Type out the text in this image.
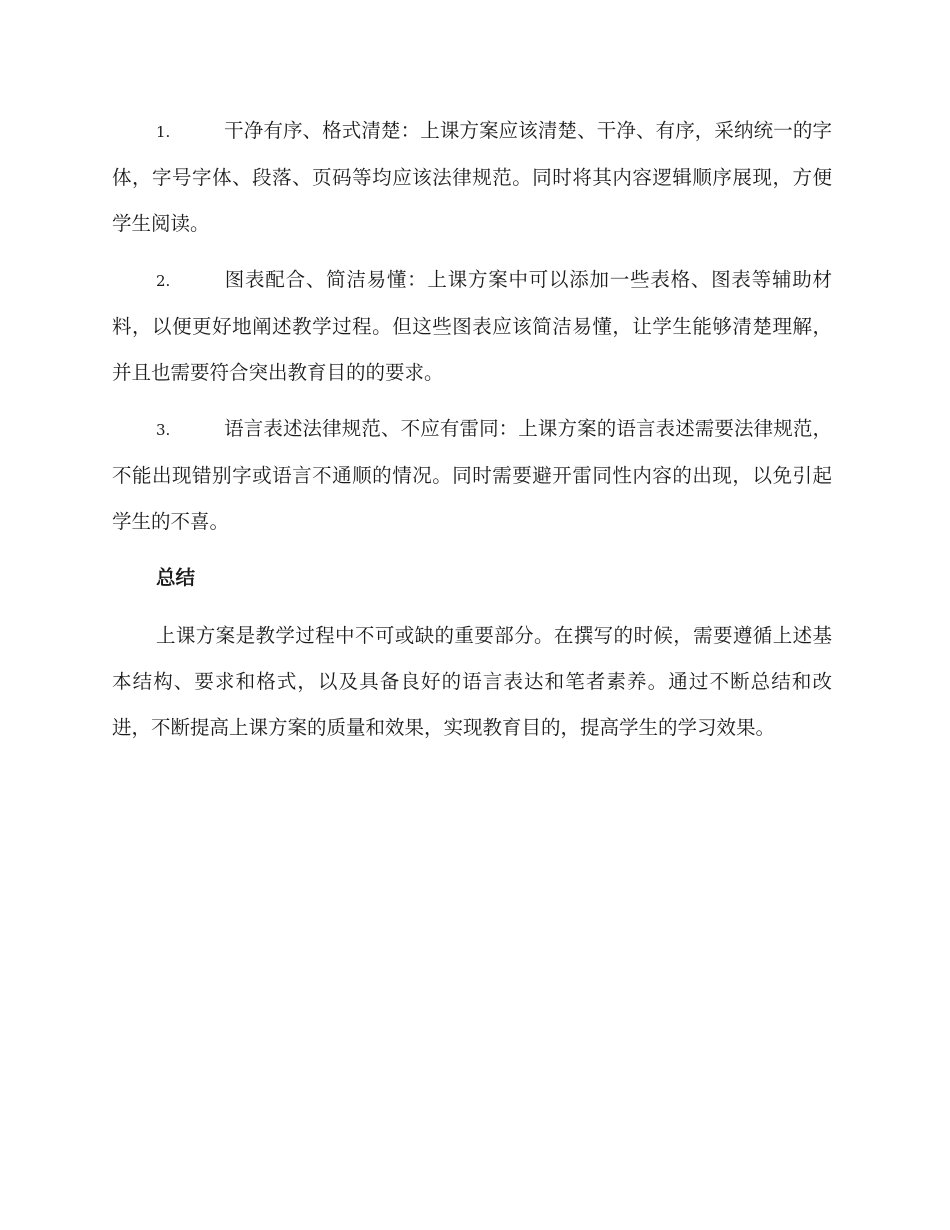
1.	干净有序、格式清楚：上课方案应该清楚、干净、有序，采纳统一的字体，字号字体、段落、页码等均应该法律规范。同时将其内容逻辑顺序展现，方便学生阅读。

2.	图表配合、简洁易懂：上课方案中可以添加一些表格、图表等辅助材料，以便更好地阐述教学过程。但这些图表应该简洁易懂，让学生能够清楚理解，并且也需要符合突出教育目的的要求。

3.	语言表述法律规范、不应有雷同：上课方案的语言表述需要法律规范，不能出现错别字或语言不通顺的情况。同时需要避开雷同性内容的出现，以免引起学生的不喜。

总结

上课方案是教学过程中不可或缺的重要部分。在撰写的时候，需要遵循上述基本结构、要求和格式，以及具备良好的语言表达和笔者素养。通过不断总结和改进，不断提高上课方案的质量和效果，实现教育目的，提高学生的学习效果。
